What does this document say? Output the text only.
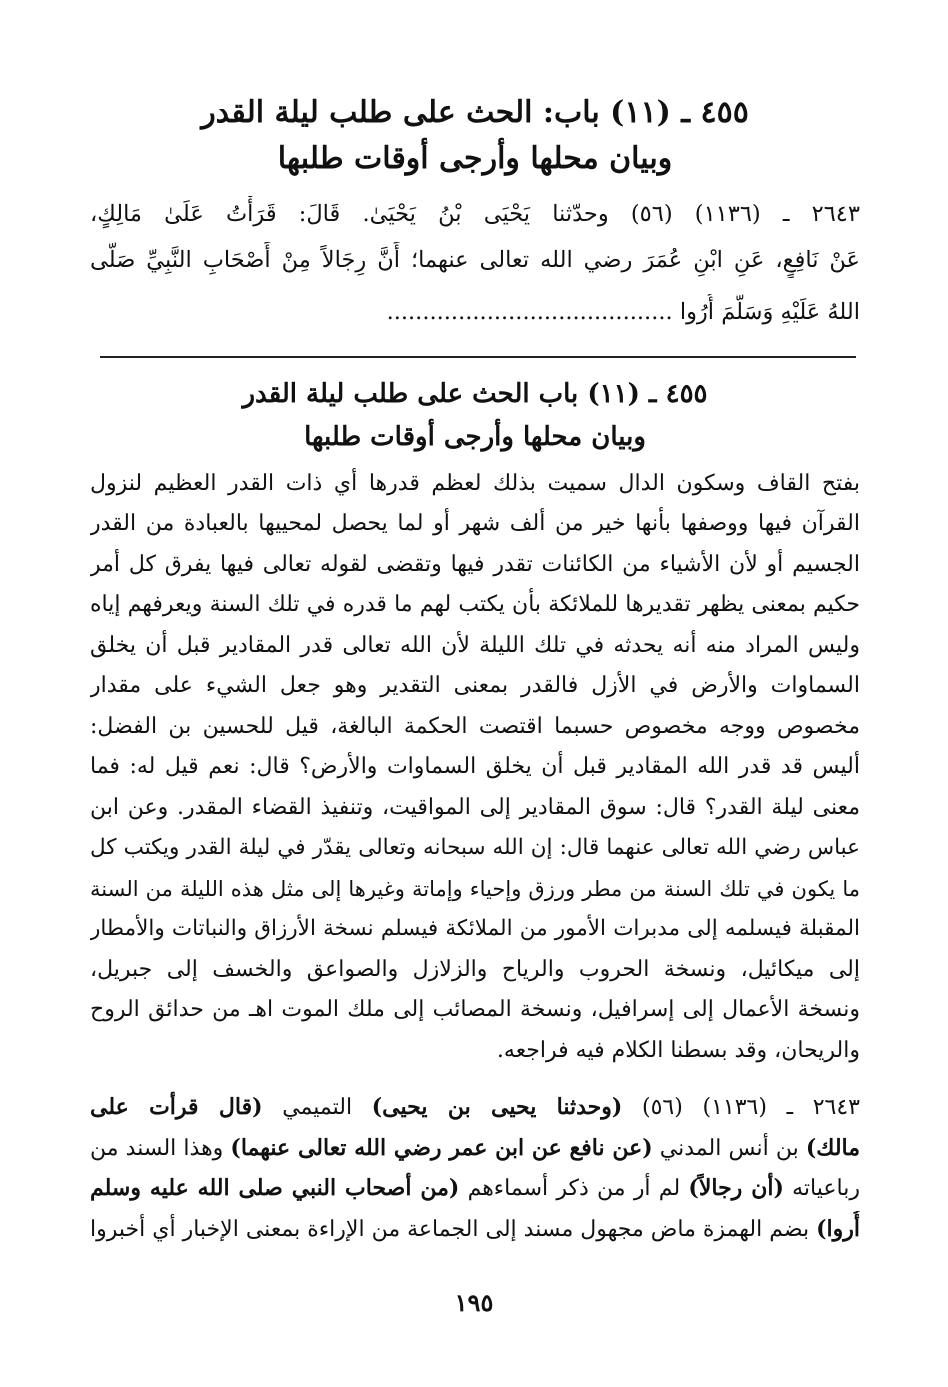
٤٥٥ ـ (١١) باب: الحث على طلب ليلة القدر
وبيان محلها وأرجى أوقات طلبها
٢٦٤٣ ـ (١١٣٦) (٥٦) وحدّثنا يَحْيَى بْنُ يَحْيَىٰ. قَالَ: قَرَأْتُ عَلَىٰ مَالِكٍ،
عَنْ نَافِعٍ، عَنِ ابْنِ عُمَرَ رضي الله تعالى عنهما؛ أَنَّ رِجَالاً مِنْ أَصْحَابِ النَّبِيِّ صَلَّى
اللهُ عَلَيْهِ وَسَلَّمَ أُرُوا ........................................
٤٥٥ ـ (١١) باب الحث على طلب ليلة القدر
وبيان محلها وأرجى أوقات طلبها
بفتح القاف وسكون الدال سميت بذلك لعظم قدرها أي ذات القدر العظيم لنزول
القرآن فيها ووصفها بأنها خير من ألف شهر أو لما يحصل لمحييها بالعبادة من القدر
الجسيم أو لأن الأشياء من الكائنات تقدر فيها وتقضى لقوله تعالى فيها يفرق كل أمر
حكيم بمعنى يظهر تقديرها للملائكة بأن يكتب لهم ما قدره في تلك السنة ويعرفهم إياه
وليس المراد منه أنه يحدثه في تلك الليلة لأن الله تعالى قدر المقادير قبل أن يخلق
السماوات والأرض في الأزل فالقدر بمعنى التقدير وهو جعل الشيء على مقدار
مخصوص ووجه مخصوص حسبما اقتصت الحكمة البالغة، قيل للحسين بن الفضل:
أليس قد قدر الله المقادير قبل أن يخلق السماوات والأرض؟ قال: نعم قيل له: فما
معنى ليلة القدر؟ قال: سوق المقادير إلى المواقيت، وتنفيذ القضاء المقدر. وعن ابن
عباس رضي الله تعالى عنهما قال: إن الله سبحانه وتعالى يقدّر في ليلة القدر ويكتب كل
ما يكون في تلك السنة من مطر ورزق وإحياء وإماتة وغيرها إلى مثل هذه الليلة من السنة
المقبلة فيسلمه إلى مدبرات الأمور من الملائكة فيسلم نسخة الأرزاق والنباتات والأمطار
إلى ميكائيل، ونسخة الحروب والرياح والزلازل والصواعق والخسف إلى جبريل،
ونسخة الأعمال إلى إسرافيل، ونسخة المصائب إلى ملك الموت اهـ من حدائق الروح
والريحان، وقد بسطنا الكلام فيه فراجعه.
٢٦٤٣ ـ (١١٣٦) (٥٦) (وحدثنا يحيى بن يحيى) التميمي (قال قرأت على
مالك) بن أنس المدني (عن نافع عن ابن عمر رضي الله تعالى عنهما) وهذا السند من
رباعياته (أن رجالاً) لم أر من ذكر أسماءهم (من أصحاب النبي صلى الله عليه وسلم
أُروا) بضم الهمزة ماض مجهول مسند إلى الجماعة من الإراءة بمعنى الإخبار أي أخبروا
١٩٥
